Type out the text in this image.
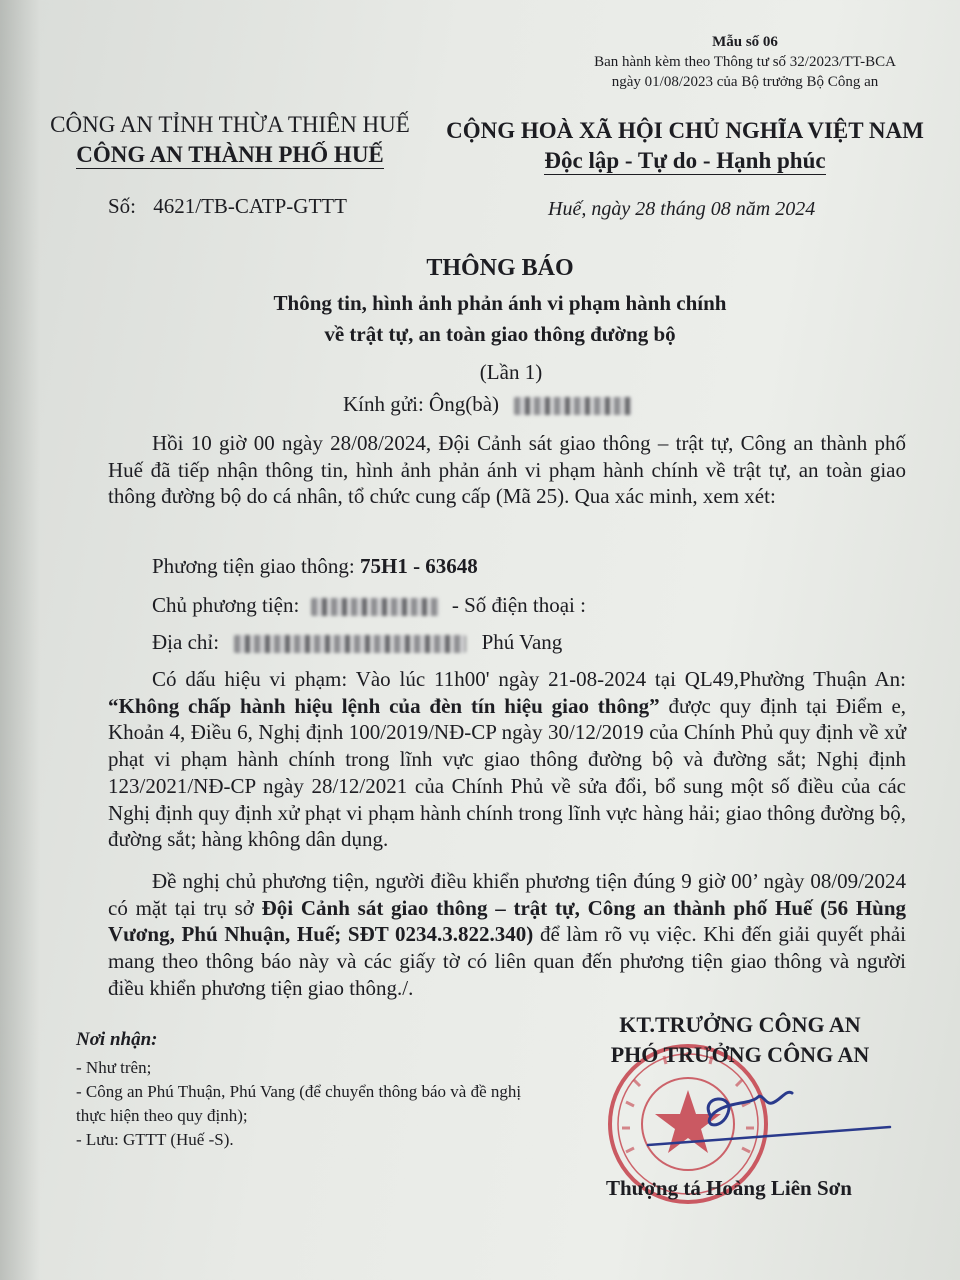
Mẫu số 06
Ban hành kèm theo Thông tư số 32/2023/TT-BCA
ngày 01/08/2023 của Bộ trưởng Bộ Công an
CÔNG AN TỈNH THỪA THIÊN HUẾ
CÔNG AN THÀNH PHỐ HUẾ
Số: 4621/TB-CATP-GTTT
CỘNG HOÀ XÃ HỘI CHỦ NGHĨA VIỆT NAM
Độc lập - Tự do - Hạnh phúc
Huế, ngày 28 tháng 08 năm 2024
THÔNG BÁO
Thông tin, hình ảnh phản ánh vi phạm hành chính
về trật tự, an toàn giao thông đường bộ
(Lần 1)
Kính gửi: Ông(bà)
Hồi 10 giờ 00 ngày 28/08/2024, Đội Cảnh sát giao thông – trật tự, Công an thành phố Huế đã tiếp nhận thông tin, hình ảnh phản ánh vi phạm hành chính về trật tự, an toàn giao thông đường bộ do cá nhân, tổ chức cung cấp (Mã 25). Qua xác minh, xem xét:
Phương tiện giao thông: 75H1 - 63648
Chủ phương tiện:	- Số điện thoại :
Địa chỉ:	Phú Vang
Có dấu hiệu vi phạm: Vào lúc 11h00' ngày 21-08-2024 tại QL49,Phường Thuận An: “Không chấp hành hiệu lệnh của đèn tín hiệu giao thông” được quy định tại Điểm e, Khoản 4, Điều 6, Nghị định 100/2019/NĐ-CP ngày 30/12/2019 của Chính Phủ quy định về xử phạt vi phạm hành chính trong lĩnh vực giao thông đường bộ và đường sắt; Nghị định 123/2021/NĐ-CP ngày 28/12/2021 của Chính Phủ về sửa đổi, bổ sung một số điều của các Nghị định quy định xử phạt vi phạm hành chính trong lĩnh vực hàng hải; giao thông đường bộ, đường sắt; hàng không dân dụng.
Đề nghị chủ phương tiện, người điều khiển phương tiện đúng 9 giờ 00’ ngày 08/09/2024 có mặt tại trụ sở Đội Cảnh sát giao thông – trật tự, Công an thành phố Huế (56 Hùng Vương, Phú Nhuận, Huế; SĐT 0234.3.822.340) để làm rõ vụ việc. Khi đến giải quyết phải mang theo thông báo này và các giấy tờ có liên quan đến phương tiện giao thông và người điều khiển phương tiện giao thông./.
Nơi nhận:
- Như trên;
- Công an Phú Thuận, Phú Vang (để chuyển thông báo và đề nghị thực hiện theo quy định);
- Lưu: GTTT (Huế -S).
KT.TRƯỞNG CÔNG AN
PHÓ TRƯỞNG CÔNG AN
Thượng tá Hoàng Liên Sơn
